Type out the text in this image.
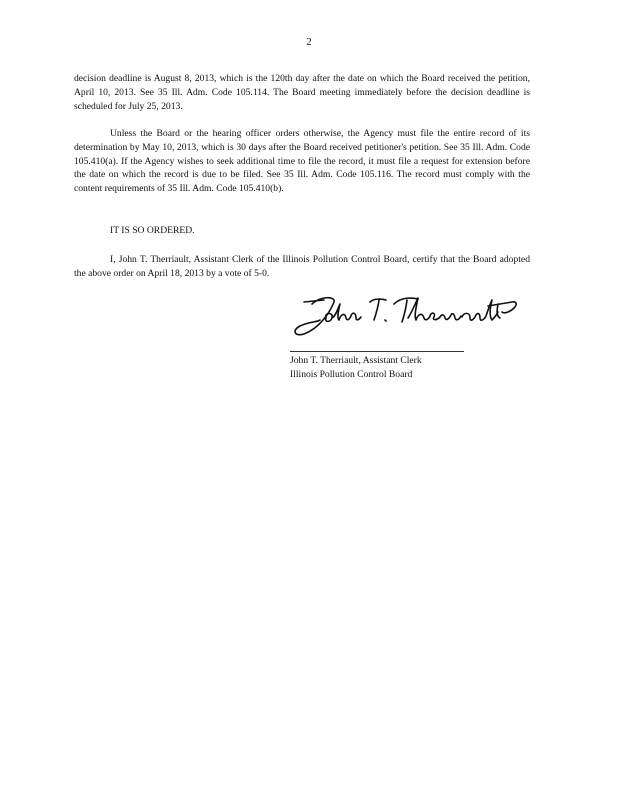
2

decision deadline is August 8, 2013, which is the 120th day after the date on which the Board received the petition, April 10, 2013. See 35 Ill. Adm. Code 105.114. The Board meeting immediately before the decision deadline is scheduled for July 25, 2013.

Unless the Board or the hearing officer orders otherwise, the Agency must file the entire record of its determination by May 10, 2013, which is 30 days after the Board received petitioner's petition. See 35 Ill. Adm. Code 105.410(a). If the Agency wishes to seek additional time to file the record, it must file a request for extension before the date on which the record is due to be filed. See 35 Ill. Adm. Code 105.116. The record must comply with the content requirements of 35 Ill. Adm. Code 105.410(b).

IT IS SO ORDERED.

I, John T. Therriault, Assistant Clerk of the Illinois Pollution Control Board, certify that the Board adopted the above order on April 18, 2013 by a vote of 5-0.

John T. Therriault, Assistant Clerk
Illinois Pollution Control Board
